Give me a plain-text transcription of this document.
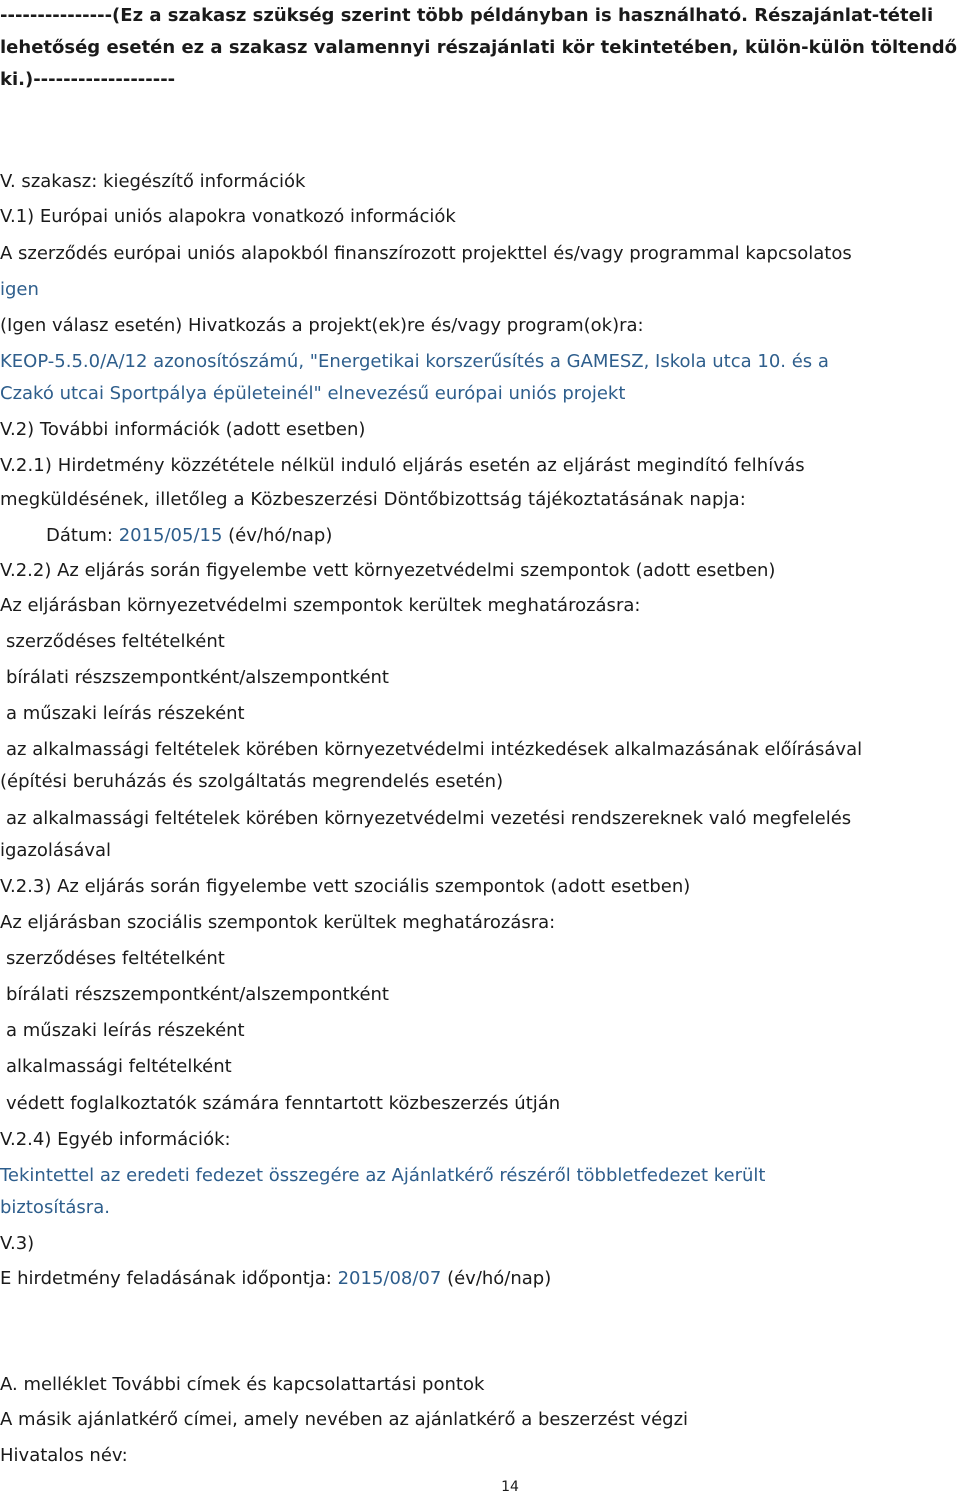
---------------(Ez a szakasz szükség szerint több példányban is használható. Részajánlat-tételi

lehetőség esetén ez a szakasz valamennyi részajánlati kör tekintetében, külön-külön töltendő

ki.)-------------------

V. szakasz: kiegészítő információk

V.1) Európai uniós alapokra vonatkozó információk

A szerződés európai uniós alapokból finanszírozott projekttel és/vagy programmal kapcsolatos

igen

(Igen válasz esetén) Hivatkozás a projekt(ek)re és/vagy program(ok)ra:

KEOP-5.5.0/A/12 azonosítószámú, "Energetikai korszerűsítés a GAMESZ, Iskola utca 10. és a

Czakó utcai Sportpálya épületeinél" elnevezésű európai uniós projekt

V.2) További információk (adott esetben)

V.2.1) Hirdetmény közzététele nélkül induló eljárás esetén az eljárást megindító felhívás

megküldésének, illetőleg a Közbeszerzési Döntőbizottság tájékoztatásának napja:

Dátum: 2015/05/15 (év/hó/nap)

V.2.2) Az eljárás során figyelembe vett környezetvédelmi szempontok (adott esetben)

Az eljárásban környezetvédelmi szempontok kerültek meghatározásra:

szerződéses feltételként

bírálati részszempontként/alszempontként

a műszaki leírás részeként

az alkalmassági feltételek körében környezetvédelmi intézkedések alkalmazásának előírásával

(építési beruházás és szolgáltatás megrendelés esetén)

az alkalmassági feltételek körében környezetvédelmi vezetési rendszereknek való megfelelés

igazolásával

V.2.3) Az eljárás során figyelembe vett szociális szempontok (adott esetben)

Az eljárásban szociális szempontok kerültek meghatározásra:

szerződéses feltételként

bírálati részszempontként/alszempontként

a műszaki leírás részeként

alkalmassági feltételként

védett foglalkoztatók számára fenntartott közbeszerzés útján

V.2.4) Egyéb információk:

Tekintettel az eredeti fedezet összegére az Ajánlatkérő részéről többletfedezet került

biztosításra.

V.3)

E hirdetmény feladásának időpontja: 2015/08/07 (év/hó/nap)

A. melléklet További címek és kapcsolattartási pontok

A másik ajánlatkérő címei, amely nevében az ajánlatkérő a beszerzést végzi

Hivatalos név:

14
